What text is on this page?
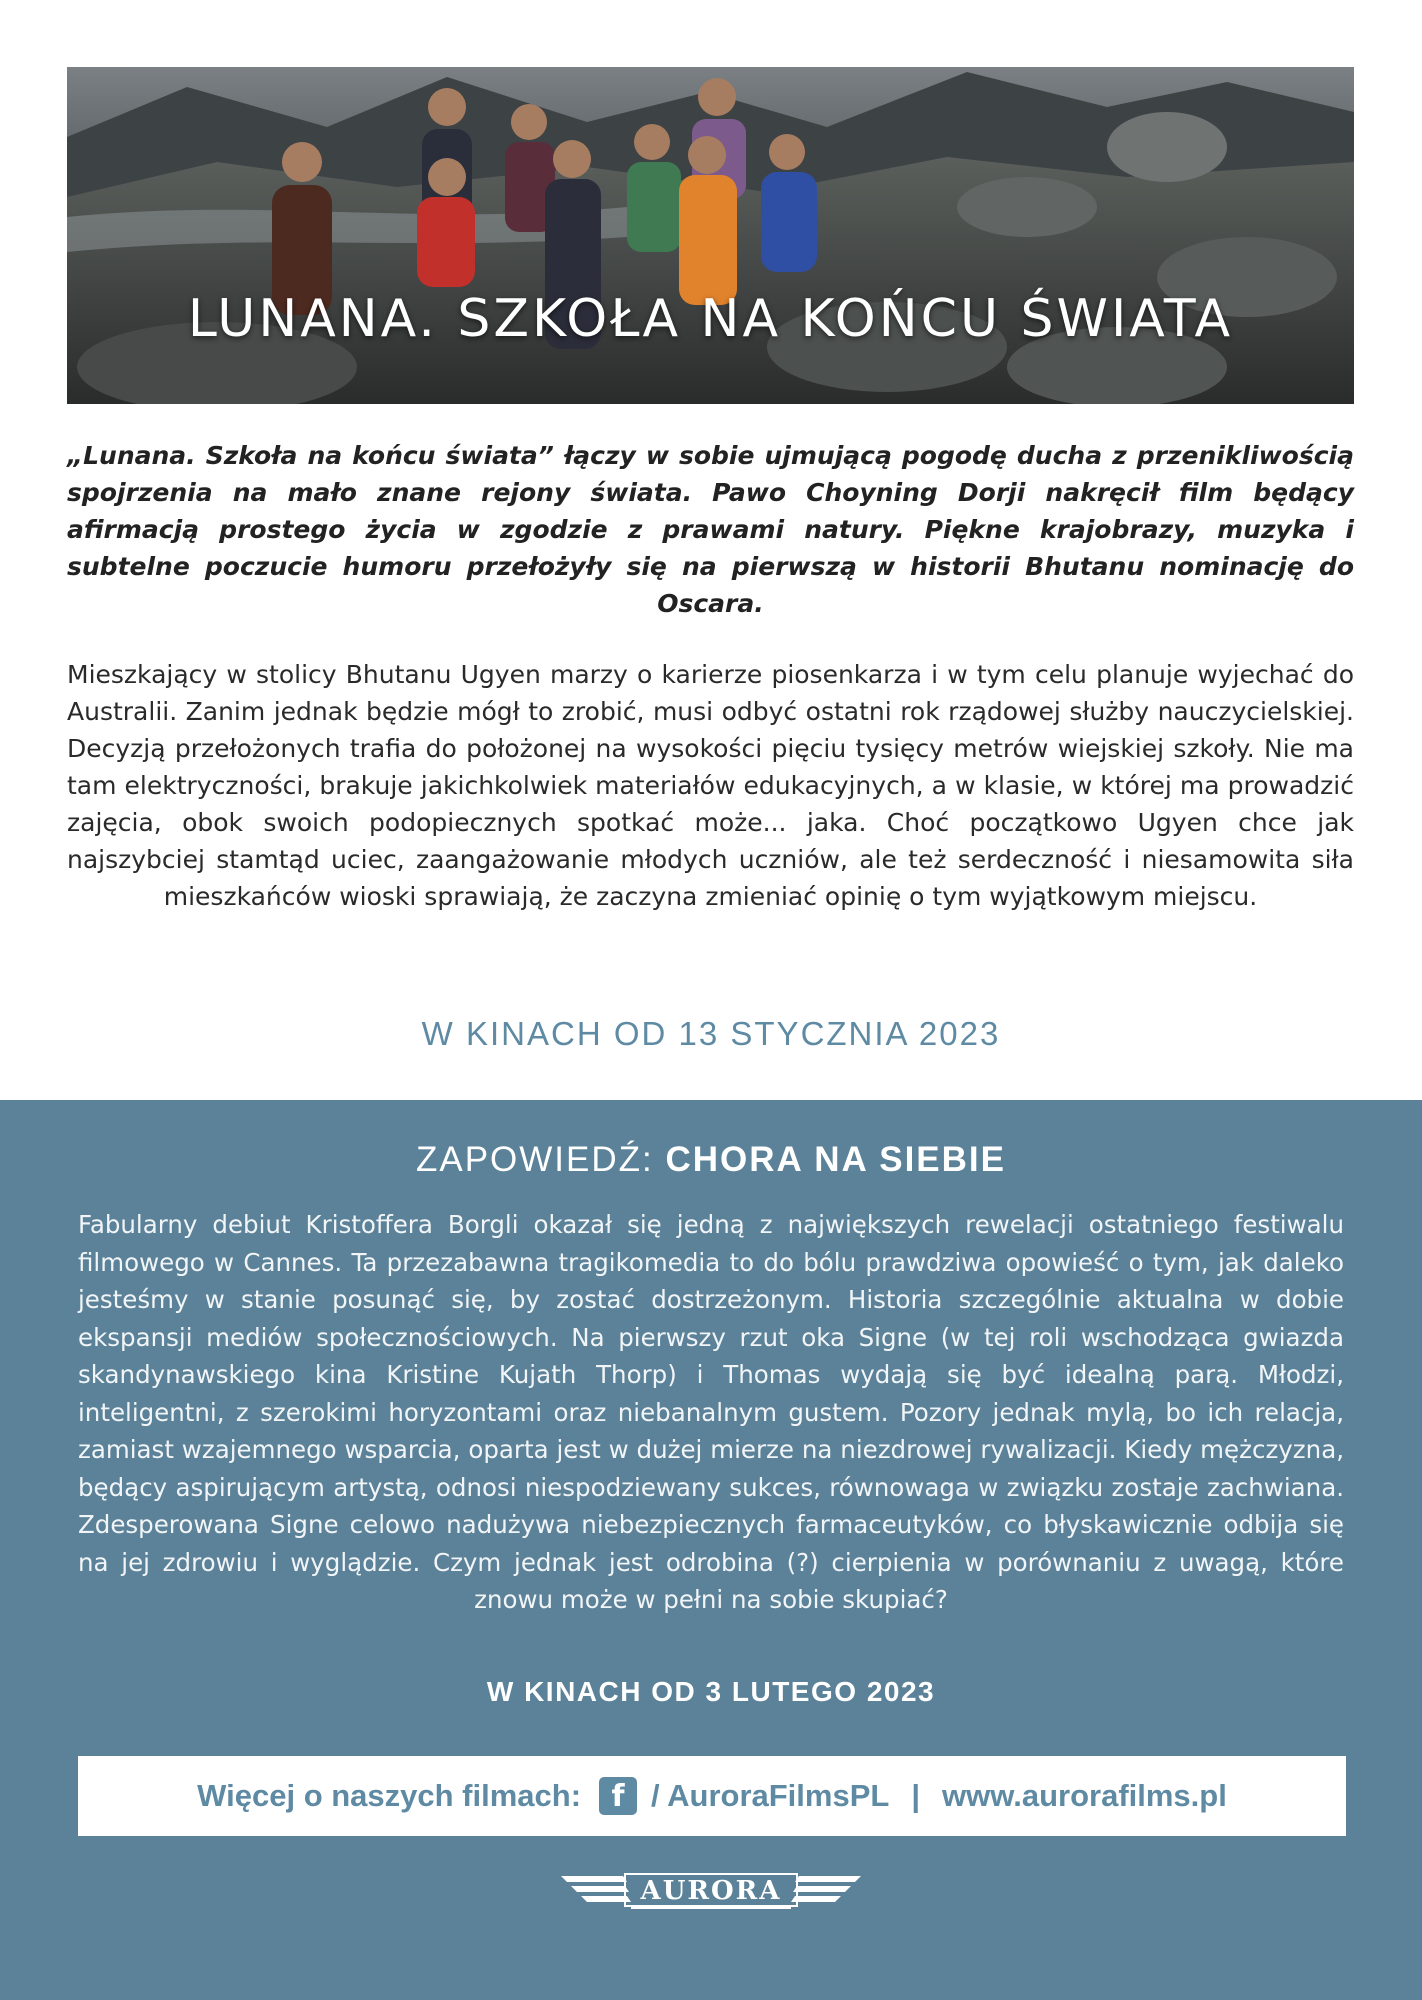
LUNANA. SZKOŁA NA KOŃCU ŚWIATA

„Lunana. Szkoła na końcu świata” łączy w sobie ujmującą pogodę ducha z przenikliwością spojrzenia na mało znane rejony świata. Pawo Choyning Dorji nakręcił film będący afirmacją prostego życia w zgodzie z prawami natury. Piękne krajobrazy, muzyka i subtelne poczucie humoru przełożyły się na pierwszą w historii Bhutanu nominację do Oscara.

Mieszkający w stolicy Bhutanu Ugyen marzy o karierze piosenkarza i w tym celu planuje wyjechać do Australii. Zanim jednak będzie mógł to zrobić, musi odbyć ostatni rok rządowej służby nauczycielskiej. Decyzją przełożonych trafia do położonej na wysokości pięciu tysięcy metrów wiejskiej szkoły. Nie ma tam elektryczności, brakuje jakichkolwiek materiałów edukacyjnych, a w klasie, w której ma prowadzić zajęcia, obok swoich podopiecznych spotkać może... jaka. Choć początkowo Ugyen chce jak najszybciej stamtąd uciec, zaangażowanie młodych uczniów, ale też serdeczność i niesamowita siła mieszkańców wioski sprawiają, że zaczyna zmieniać opinię o tym wyjątkowym miejscu.

W KINACH OD 13 STYCZNIA 2023
ZAPOWIEDŹ: CHORA NA SIEBIE

Fabularny debiut Kristoffera Borgli okazał się jedną z największych rewelacji ostatniego festiwalu filmowego w Cannes. Ta przezabawna tragikomedia to do bólu prawdziwa opowieść o tym, jak daleko jesteśmy w stanie posunąć się, by zostać dostrzeżonym. Historia szczególnie aktualna w dobie ekspansji mediów społecznościowych. Na pierwszy rzut oka Signe (w tej roli wschodząca gwiazda skandynawskiego kina Kristine Kujath Thorp) i Thomas wydają się być idealną parą. Młodzi, inteligentni, z szerokimi horyzontami oraz niebanalnym gustem. Pozory jednak mylą, bo ich relacja, zamiast wzajemnego wsparcia, oparta jest w dużej mierze na niezdrowej rywalizacji. Kiedy mężczyzna, będący aspirującym artystą, odnosi niespodziewany sukces, równowaga w związku zostaje zachwiana. Zdesperowana Signe celowo nadużywa niebezpiecznych farmaceutyków, co błyskawicznie odbija się na jej zdrowiu i wyglądzie. Czym jednak jest odrobina (?) cierpienia w porównaniu z uwagą, które znowu może w pełni na sobie skupiać?

W KINACH OD 3 LUTEGO 2023
Więcej o naszych filmach:	f / AuroraFilmsPL | www.aurorafilms.pl
AURORA
